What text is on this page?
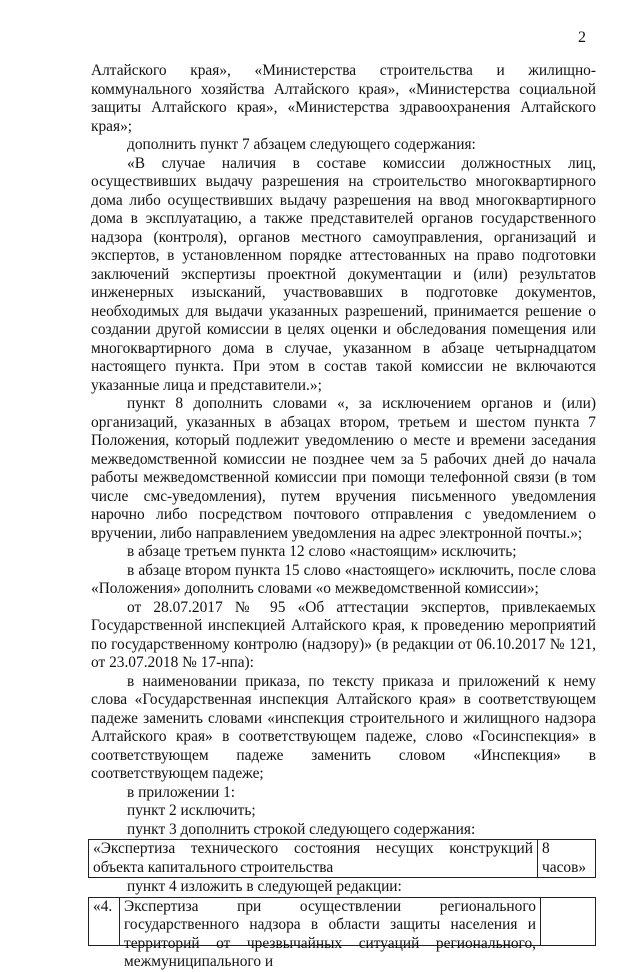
2

Алтайского края», «Министерства строительства и жилищно-коммунального хозяйства Алтайского края», «Министерства социальной защиты Алтайского края», «Министерства здравоохранения Алтайского края»;

дополнить пункт 7 абзацем следующего содержания:

«В случае наличия в составе комиссии должностных лиц, осуществивших выдачу разрешения на строительство многоквартирного дома либо осуществивших выдачу разрешения на ввод многоквартирного дома в эксплуатацию, а также представителей органов государственного надзора (контроля), органов местного самоуправления, организаций и экспертов, в установленном порядке аттестованных на право подготовки заключений экспертизы проектной документации и (или) результатов инженерных изысканий, участвовавших в подготовке документов, необходимых для выдачи указанных разрешений, принимается решение о создании другой комиссии в целях оценки и обследования помещения или многоквартирного дома в случае, указанном в абзаце четырнадцатом настоящего пункта. При этом в состав такой комиссии не включаются указанные лица и представители.»;

пункт 8 дополнить словами «, за исключением органов и (или) организаций, указанных в абзацах втором, третьем и шестом пункта 7 Положения, который подлежит уведомлению о месте и времени заседания межведомственной комиссии не позднее чем за 5 рабочих дней до начала работы межведомственной комиссии при помощи телефонной связи (в том числе смс-уведомления), путем вручения письменного уведомления нарочно либо посредством почтового отправления с уведомлением о вручении, либо направлением уведомления на адрес электронной почты.»;

в абзаце третьем пункта 12 слово «настоящим» исключить;

в абзаце втором пункта 15 слово «настоящего» исключить, после слова «Положения» дополнить словами «о межведомственной комиссии»;

от 28.07.2017 № 95 «Об аттестации экспертов, привлекаемых Государственной инспекцией Алтайского края, к проведению мероприятий по государственному контролю (надзору)» (в редакции от 06.10.2017 № 121, от 23.07.2018 № 17-нпа):

в наименовании приказа, по тексту приказа и приложений к нему слова «Государственная инспекция Алтайского края» в соответствующем падеже заменить словами «инспекция строительного и жилищного надзора Алтайского края» в соответствующем падеже, слово «Госинспекция» в соответствующем падеже заменить словом «Инспекция» в соответствующем падеже;

в приложении 1:

пункт 2 исключить;

пункт 3 дополнить строкой следующего содержания:

«Экспертиза технического состояния несущих конструкций объекта капитального строительства	8 часов»

пункт 4 изложить в следующей редакции:

«4.	Экспертиза при осуществлении регионального государственного надзора в области защиты населения и территорий от чрезвычайных ситуаций регионального, межмуниципального и
